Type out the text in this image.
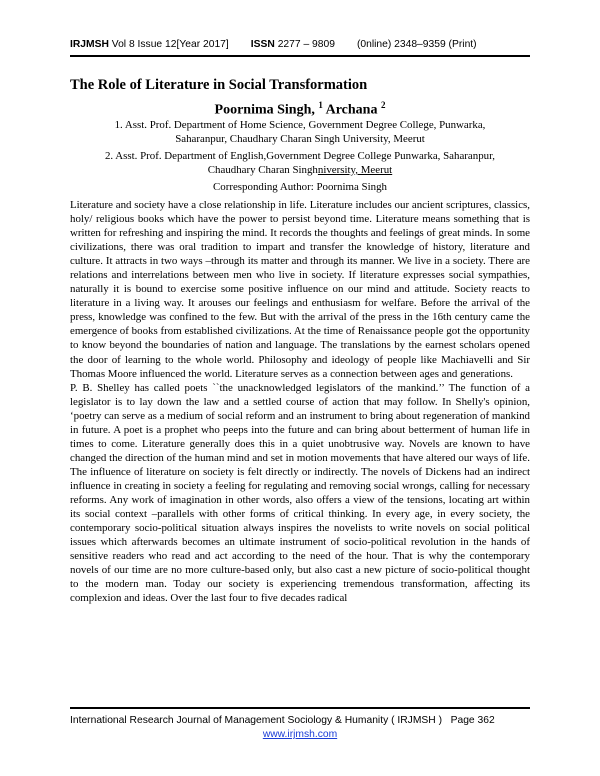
IRJMSH Vol 8 Issue 12[Year 2017] ISSN 2277 – 9809 (0nline) 2348–9359 (Print)
The Role of Literature in Social Transformation
Poornima Singh, $^1$ Archana $^2$
1. Asst. Prof. Department of Home Science, Government Degree College, Punwarka,
Saharanpur, Chaudhary Charan Singh University, Meerut
2. Asst. Prof. Department of English,Government Degree College Punwarka, Saharanpur,
Chaudhary Charan Singhniversity, Meerut
Corresponding Author: Poornima Singh

Literature and society have a close relationship in life. Literature includes our ancient scriptures, classics, holy/ religious books which have the power to persist beyond time. Literature means something that is written for refreshing and inspiring the mind. It records the thoughts and feelings of great minds. In some civilizations, there was oral tradition to impart and transfer the knowledge of history, literature and culture. It attracts in two ways –through its matter and through its manner. We live in a society. There are relations and interrelations between men who live in society. If literature expresses social sympathies, naturally it is bound to exercise some positive influence on our mind and attitude. Society reacts to literature in a living way. It arouses our feelings and enthusiasm for welfare. Before the arrival of the press, knowledge was confined to the few. But with the arrival of the press in the 16th century came the emergence of books from established civilizations. At the time of Renaissance people got the opportunity to know beyond the boundaries of nation and language. The translations by the earnest scholars opened the door of learning to the whole world. Philosophy and ideology of people like Machiavelli and Sir Thomas Moore influenced the world. Literature serves as a connection between ages and generations.

P. B. Shelley has called poets ``the unacknowledged legislators of the mankind.’’ The function of a legislator is to lay down the law and a settled course of action that may follow. In Shelly's opinion, ‘poetry can serve as a medium of social reform and an instrument to bring about regeneration of mankind in future. A poet is a prophet who peeps into the future and can bring about betterment of human life in times to come. Literature generally does this in a quiet unobtrusive way. Novels are known to have changed the direction of the human mind and set in motion movements that have altered our ways of life. The influence of literature on society is felt directly or indirectly. The novels of Dickens had an indirect influence in creating in society a feeling for regulating and removing social wrongs, calling for necessary reforms. Any work of imagination in other words, also offers a view of the tensions, locating art within its social context –parallels with other forms of critical thinking. In every age, in every society, the contemporary socio-political situation always inspires the novelists to write novels on social political issues which afterwards becomes an ultimate instrument of socio-political revolution in the hands of sensitive readers who read and act according to the need of the hour. That is why the contemporary novels of our time are no more culture-based only, but also cast a new picture of socio-political thought to the modern man. Today our society is experiencing tremendous transformation, affecting its complexion and ideas. Over the last four to five decades radical

International Research Journal of Management Sociology & Humanity ( IRJMSH ) Page 362
www.irjmsh.com
